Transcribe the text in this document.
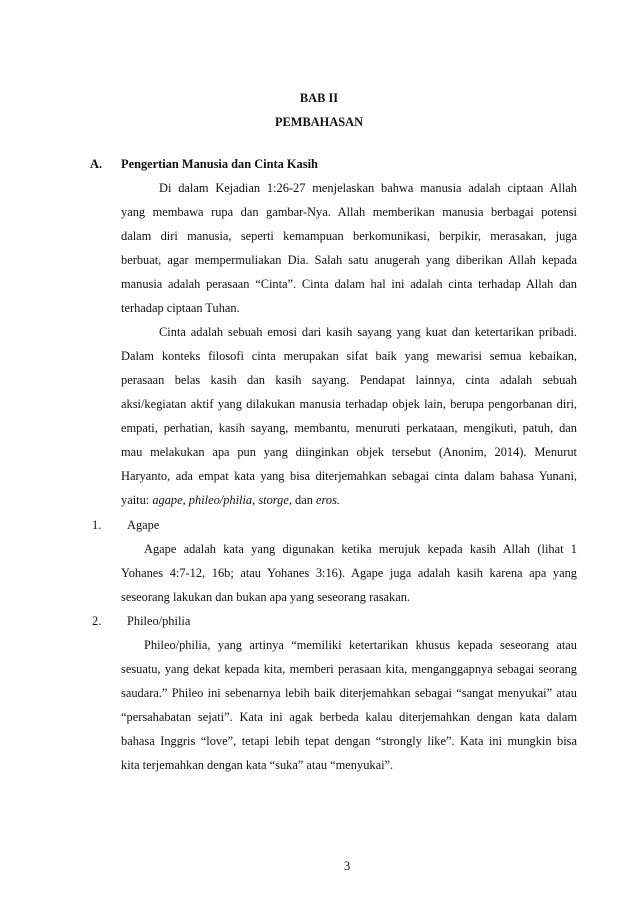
BAB II
PEMBAHASAN
A. Pengertian Manusia dan Cinta Kasih
Di dalam Kejadian 1:26-27 menjelaskan bahwa manusia adalah ciptaan Allah
yang membawa rupa dan gambar-Nya. Allah memberikan manusia berbagai potensi
dalam diri manusia, seperti kemampuan berkomunikasi, berpikir, merasakan, juga
berbuat, agar mempermuliakan Dia. Salah satu anugerah yang diberikan Allah kepada
manusia adalah perasaan “Cinta”. Cinta dalam hal ini adalah cinta terhadap Allah dan
terhadap ciptaan Tuhan.
Cinta adalah sebuah emosi dari kasih sayang yang kuat dan ketertarikan pribadi.
Dalam konteks filosofi cinta merupakan sifat baik yang mewarisi semua kebaikan,
perasaan belas kasih dan kasih sayang. Pendapat lainnya, cinta adalah sebuah
aksi/kegiatan aktif yang dilakukan manusia terhadap objek lain, berupa pengorbanan diri,
empati, perhatian, kasih sayang, membantu, menuruti perkataan, mengikuti, patuh, dan
mau melakukan apa pun yang diinginkan objek tersebut (Anonim, 2014). Menurut
Haryanto, ada empat kata yang bisa diterjemahkan sebagai cinta dalam bahasa Yunani,
yaitu: agape, phileo/philia, storge, dan eros.
1. Agape
Agape adalah kata yang digunakan ketika merujuk kepada kasih Allah (lihat 1
Yohanes 4:7-12, 16b; atau Yohanes 3:16). Agape juga adalah kasih karena apa yang
seseorang lakukan dan bukan apa yang seseorang rasakan.
2. Phileo/philia
Phileo/philia, yang artinya “memiliki ketertarikan khusus kepada seseorang atau
sesuatu, yang dekat kepada kita, memberi perasaan kita, menganggapnya sebagai seorang
saudara.” Phileo ini sebenarnya lebih baik diterjemahkan sebagai “sangat menyukai” atau
“persahabatan sejati”. Kata ini agak berbeda kalau diterjemahkan dengan kata dalam
bahasa Inggris “love”, tetapi lebih tepat dengan “strongly like”. Kata ini mungkin bisa
kita terjemahkan dengan kata “suka” atau “menyukai”.
3
